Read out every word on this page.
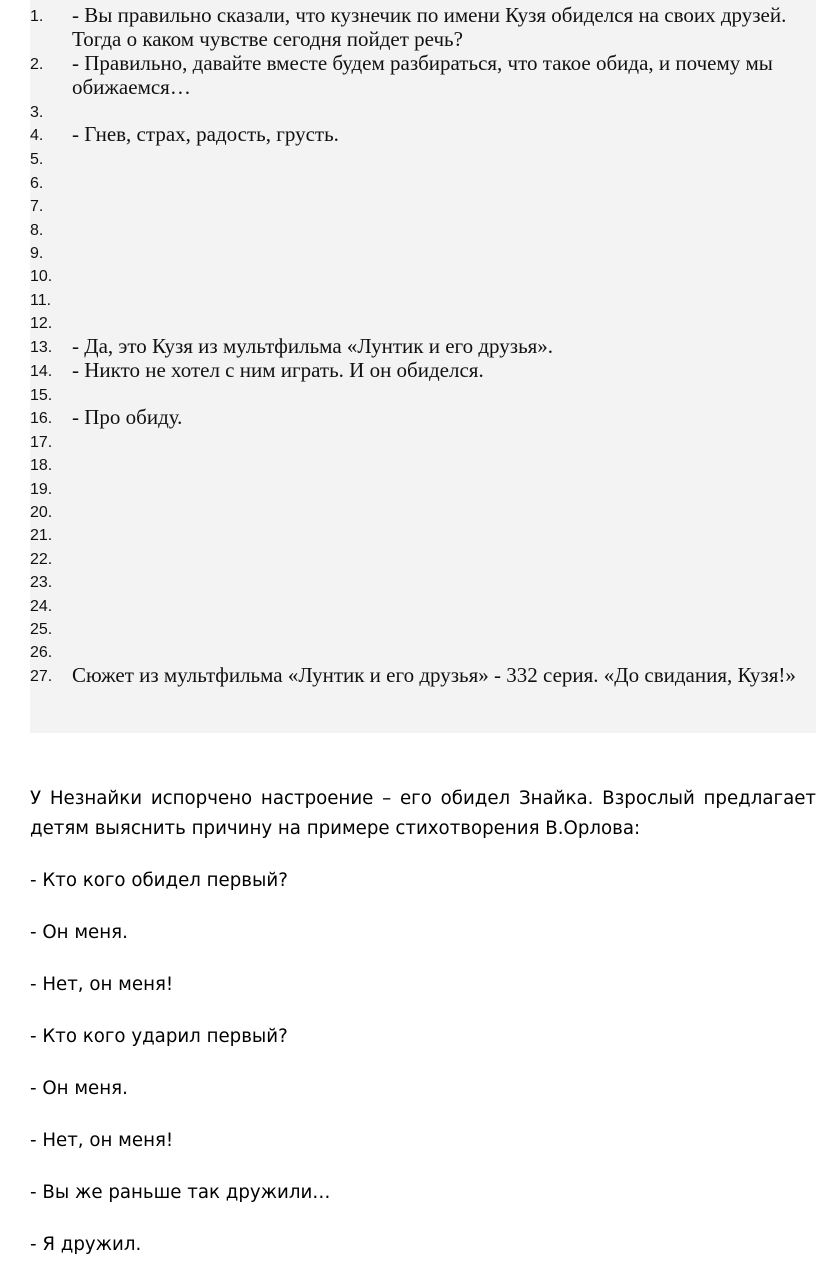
1.	- Вы правильно сказали, что кузнечик по имени Кузя обиделся на своих друзей. Тогда о каком чувстве сегодня пойдет речь?
2.	- Правильно, давайте вместе будем разбираться, что такое обида, и почему мы обижаемся…
3.
4.	- Гнев, страх, радость, грусть.
5.
6.
7.
8.
9.
10.
11.
12.
13. - Да, это Кузя из мультфильма «Лунтик и его друзья».
14. - Никто не хотел с ним играть. И он обиделся.
15.
16. - Про обиду.
17.
18.
19.
20.
21.
22.
23.
24.
25.
26.
27. Сюжет из мультфильма «Лунтик и его друзья» - 332 серия. «До свидания, Кузя!»

У Незнайки испорчено настроение – его обидел Знайка. Взрослый предлагает детям выяснить причину на примере стихотворения В.Орлова:

- Кто кого обидел первый?
- Он меня.
- Нет, он меня!
- Кто кого ударил первый?
- Он меня.
- Нет, он меня!
- Вы же раньше так дружили…
- Я дружил.
